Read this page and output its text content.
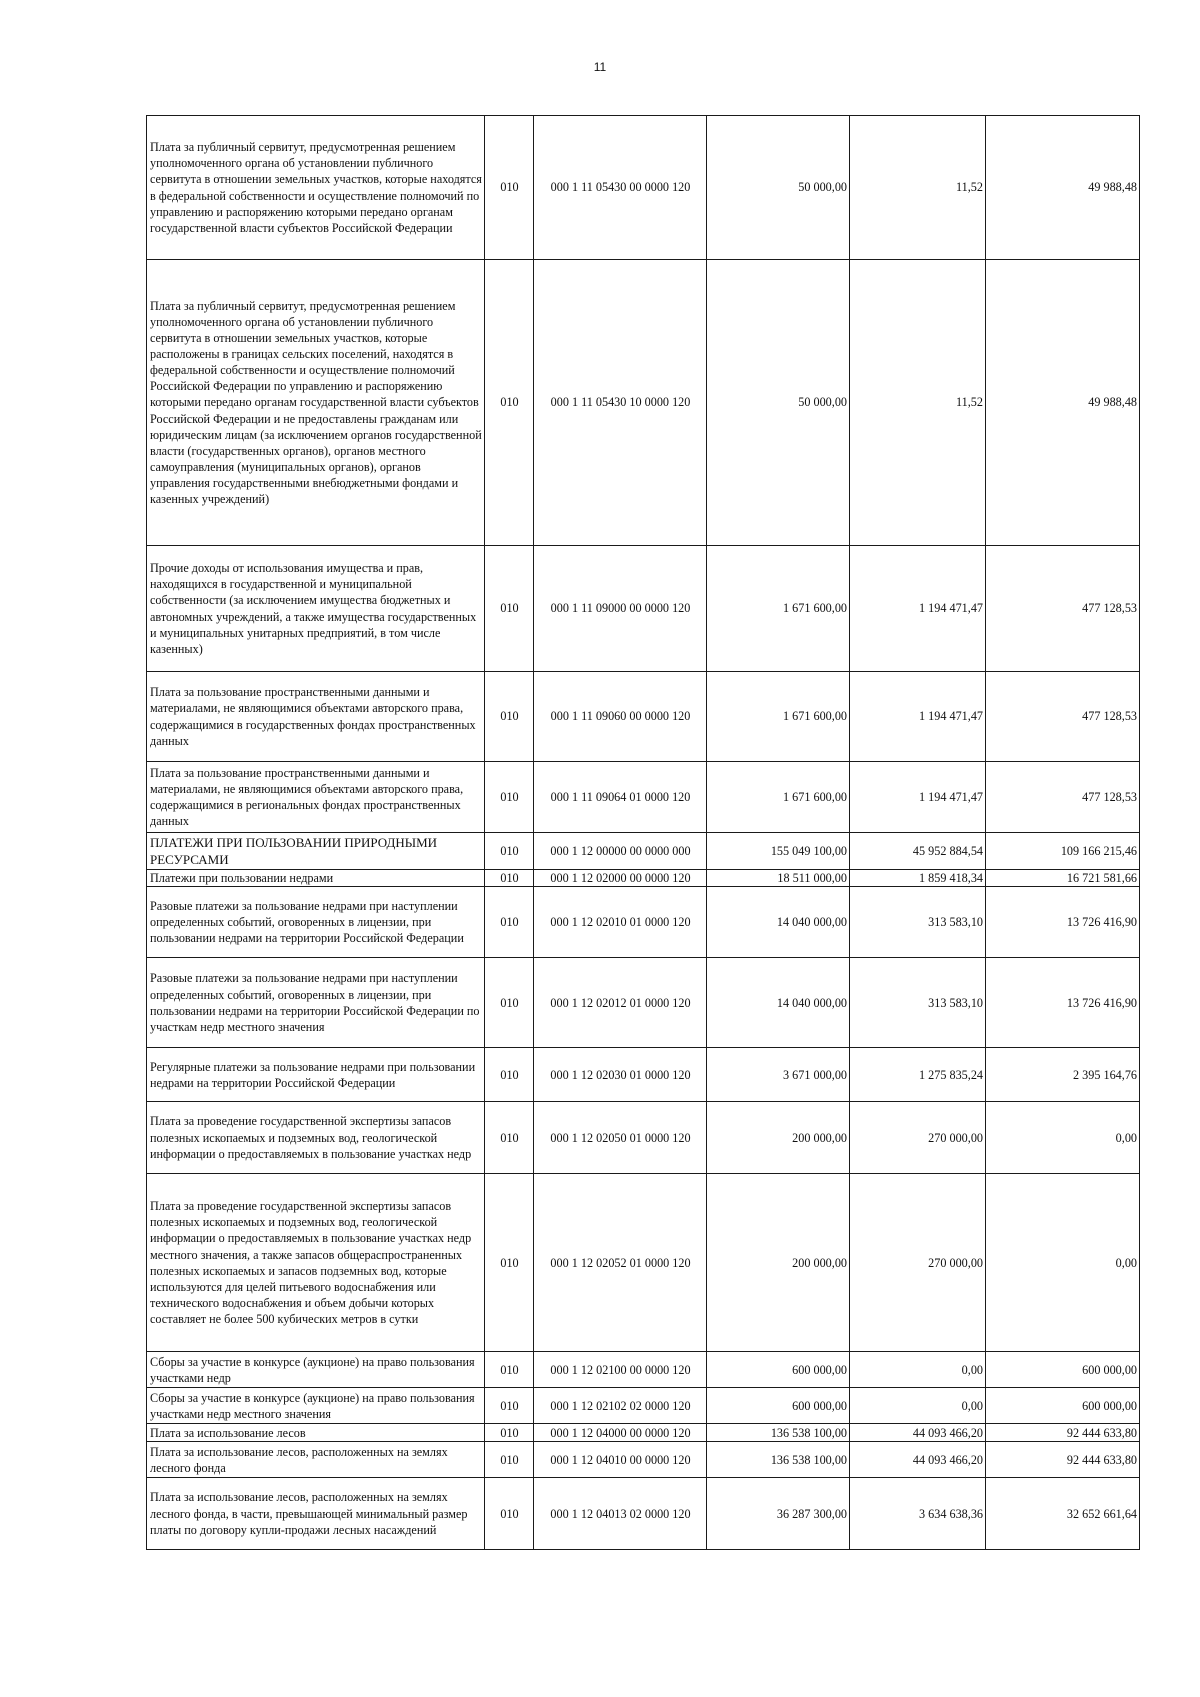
11
Плата за публичный сервитут, предусмотренная решением уполномоченного органа об установлении публичного сервитута в отношении земельных участков, которые находятся в федеральной собственности и осуществление полномочий по управлению и распоряжению которыми передано органам государственной власти субъектов Российской Федерации	010	000 1 11 05430 00 0000 120	50 000,00	11,52	49 988,48
Плата за публичный сервитут, предусмотренная решением уполномоченного органа об установлении публичного сервитута в отношении земельных участков, которые расположены в границах сельских поселений, находятся в федеральной собственности и осуществление полномочий Российской Федерации по управлению и распоряжению которыми передано органам государственной власти субъектов Российской Федерации и не предоставлены гражданам или юридическим лицам (за исключением органов государственной власти (государственных органов), органов местного самоуправления (муниципальных органов), органов управления государственными внебюджетными фондами и казенных учреждений)	010	000 1 11 05430 10 0000 120	50 000,00	11,52	49 988,48
Прочие доходы от использования имущества и прав, находящихся в государственной и муниципальной собственности (за исключением имущества бюджетных и автономных учреждений, а также имущества государственных и муниципальных унитарных предприятий, в том числе казенных)	010	000 1 11 09000 00 0000 120	1 671 600,00	1 194 471,47	477 128,53
Плата за пользование пространственными данными и материалами, не являющимися объектами авторского права, содержащимися в государственных фондах пространственных данных	010	000 1 11 09060 00 0000 120	1 671 600,00	1 194 471,47	477 128,53
Плата за пользование пространственными данными и материалами, не являющимися объектами авторского права, содержащимися в региональных фондах пространственных данных	010	000 1 11 09064 01 0000 120	1 671 600,00	1 194 471,47	477 128,53
ПЛАТЕЖИ ПРИ ПОЛЬЗОВАНИИ ПРИРОДНЫМИ РЕСУРСАМИ	010	000 1 12 00000 00 0000 000	155 049 100,00	45 952 884,54	109 166 215,46
Платежи при пользовании недрами	010	000 1 12 02000 00 0000 120	18 511 000,00	1 859 418,34	16 721 581,66
Разовые платежи за пользование недрами при наступлении определенных событий, оговоренных в лицензии, при пользовании недрами на территории Российской Федерации	010	000 1 12 02010 01 0000 120	14 040 000,00	313 583,10	13 726 416,90
Разовые платежи за пользование недрами при наступлении определенных событий, оговоренных в лицензии, при пользовании недрами на территории Российской Федерации по участкам недр местного значения	010	000 1 12 02012 01 0000 120	14 040 000,00	313 583,10	13 726 416,90
Регулярные платежи за пользование недрами при пользовании недрами на территории Российской Федерации	010	000 1 12 02030 01 0000 120	3 671 000,00	1 275 835,24	2 395 164,76
Плата за проведение государственной экспертизы запасов полезных ископаемых и подземных вод, геологической информации о предоставляемых в пользование участках недр	010	000 1 12 02050 01 0000 120	200 000,00	270 000,00	0,00
Плата за проведение государственной экспертизы запасов полезных ископаемых и подземных вод, геологической информации о предоставляемых в пользование участках недр местного значения, а также запасов общераспространенных полезных ископаемых и запасов подземных вод, которые используются для целей питьевого водоснабжения или технического водоснабжения и объем добычи которых составляет не более 500 кубических метров в сутки	010	000 1 12 02052 01 0000 120	200 000,00	270 000,00	0,00
Сборы за участие в конкурсе (аукционе) на право пользования участками недр	010	000 1 12 02100 00 0000 120	600 000,00	0,00	600 000,00
Сборы за участие в конкурсе (аукционе) на право пользования участками недр местного значения	010	000 1 12 02102 02 0000 120	600 000,00	0,00	600 000,00
Плата за использование лесов	010	000 1 12 04000 00 0000 120	136 538 100,00	44 093 466,20	92 444 633,80
Плата за использование лесов, расположенных на землях лесного фонда	010	000 1 12 04010 00 0000 120	136 538 100,00	44 093 466,20	92 444 633,80
Плата за использование лесов, расположенных на землях лесного фонда, в части, превышающей минимальный размер платы по договору купли-продажи лесных насаждений	010	000 1 12 04013 02 0000 120	36 287 300,00	3 634 638,36	32 652 661,64
